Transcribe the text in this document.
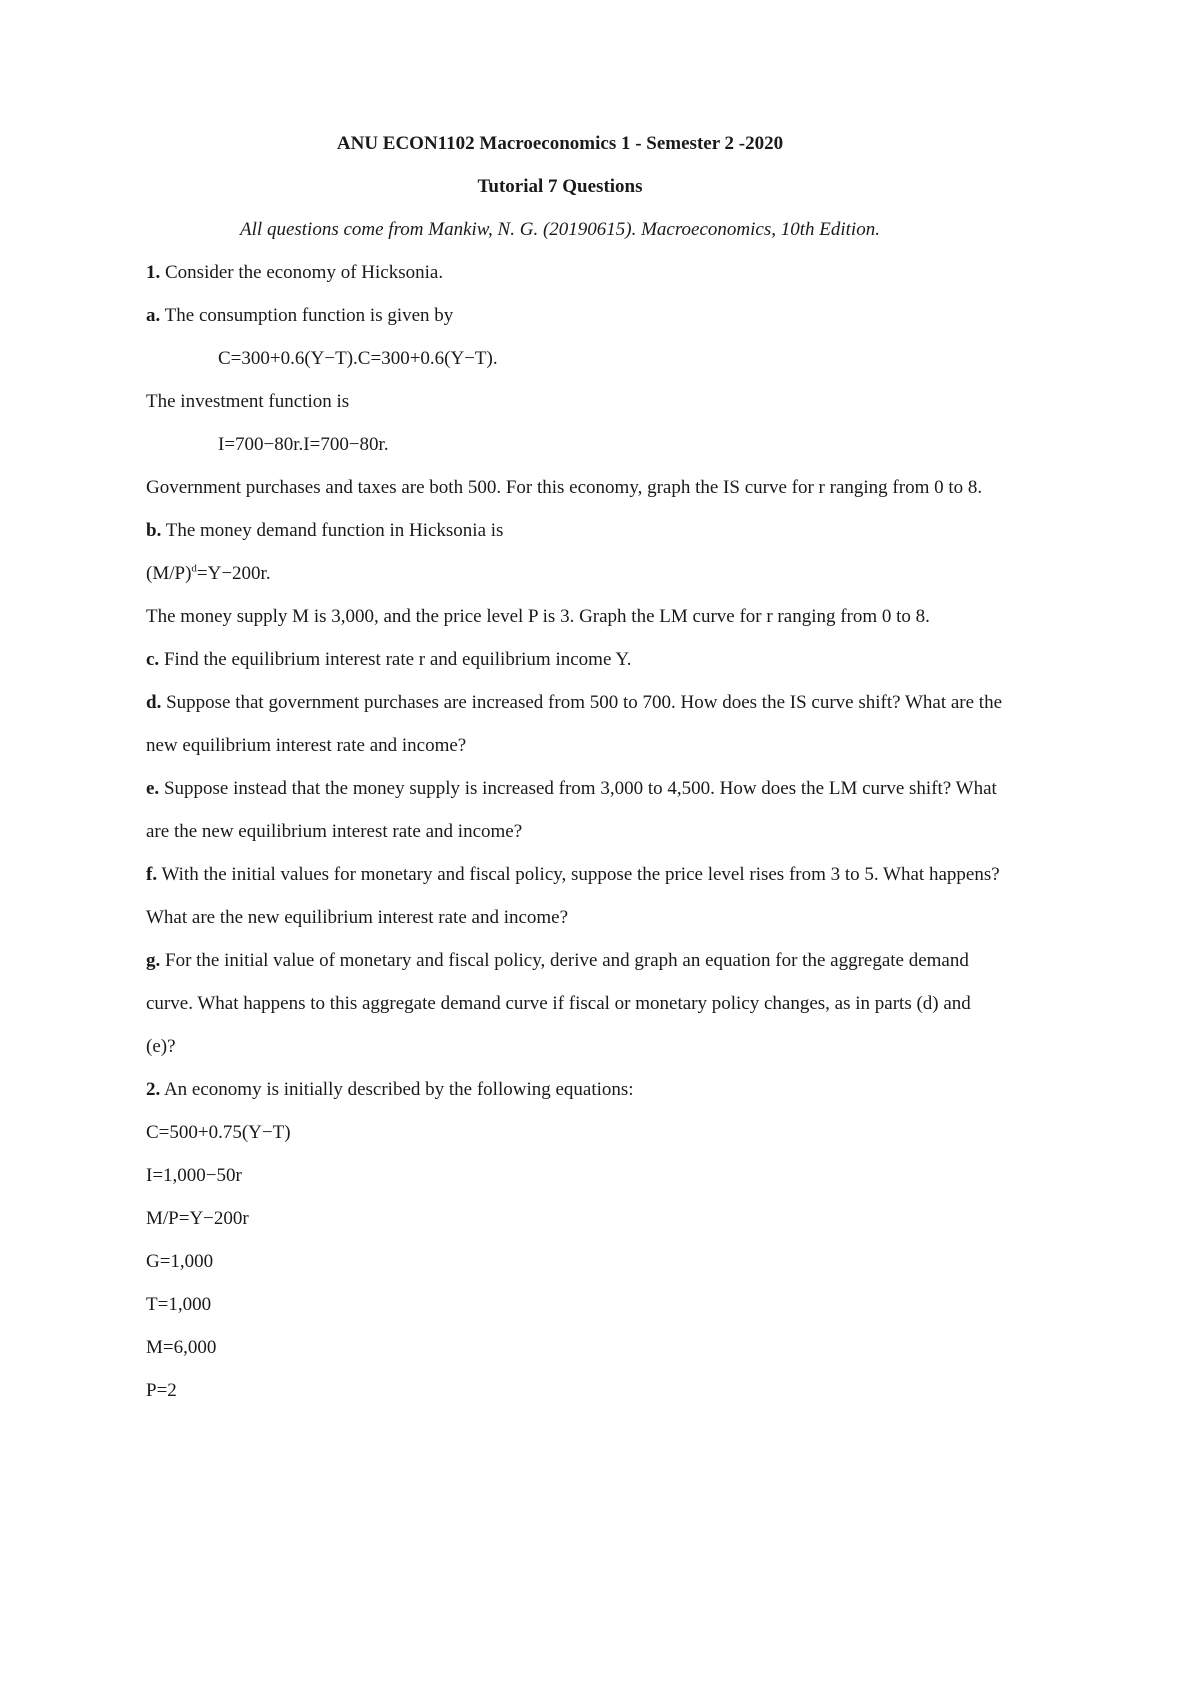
ANU ECON1102 Macroeconomics 1 - Semester 2 -2020
Tutorial 7 Questions
All questions come from Mankiw, N. G. (20190615). Macroeconomics, 10th Edition.
1. Consider the economy of Hicksonia.
a. The consumption function is given by
C=300+0.6(Y−T).C=300+0.6(Y−T).
The investment function is
I=700−80r.I=700−80r.
Government purchases and taxes are both 500. For this economy, graph the IS curve for r ranging from 0 to 8.
b. The money demand function in Hicksonia is
$(M/P)^d=Y-200r$.
The money supply M is 3,000, and the price level P is 3. Graph the LM curve for r ranging from 0 to 8.
c. Find the equilibrium interest rate r and equilibrium income Y.
d. Suppose that government purchases are increased from 500 to 700. How does the IS curve shift? What are the
new equilibrium interest rate and income?
e. Suppose instead that the money supply is increased from 3,000 to 4,500. How does the LM curve shift? What
are the new equilibrium interest rate and income?
f. With the initial values for monetary and fiscal policy, suppose the price level rises from 3 to 5. What happens?
What are the new equilibrium interest rate and income?
g. For the initial value of monetary and fiscal policy, derive and graph an equation for the aggregate demand
curve. What happens to this aggregate demand curve if fiscal or monetary policy changes, as in parts (d) and
(e)?
2. An economy is initially described by the following equations:
C=500+0.75(Y−T)
I=1,000−50r
M/P=Y−200r
G=1,000
T=1,000
M=6,000
P=2
